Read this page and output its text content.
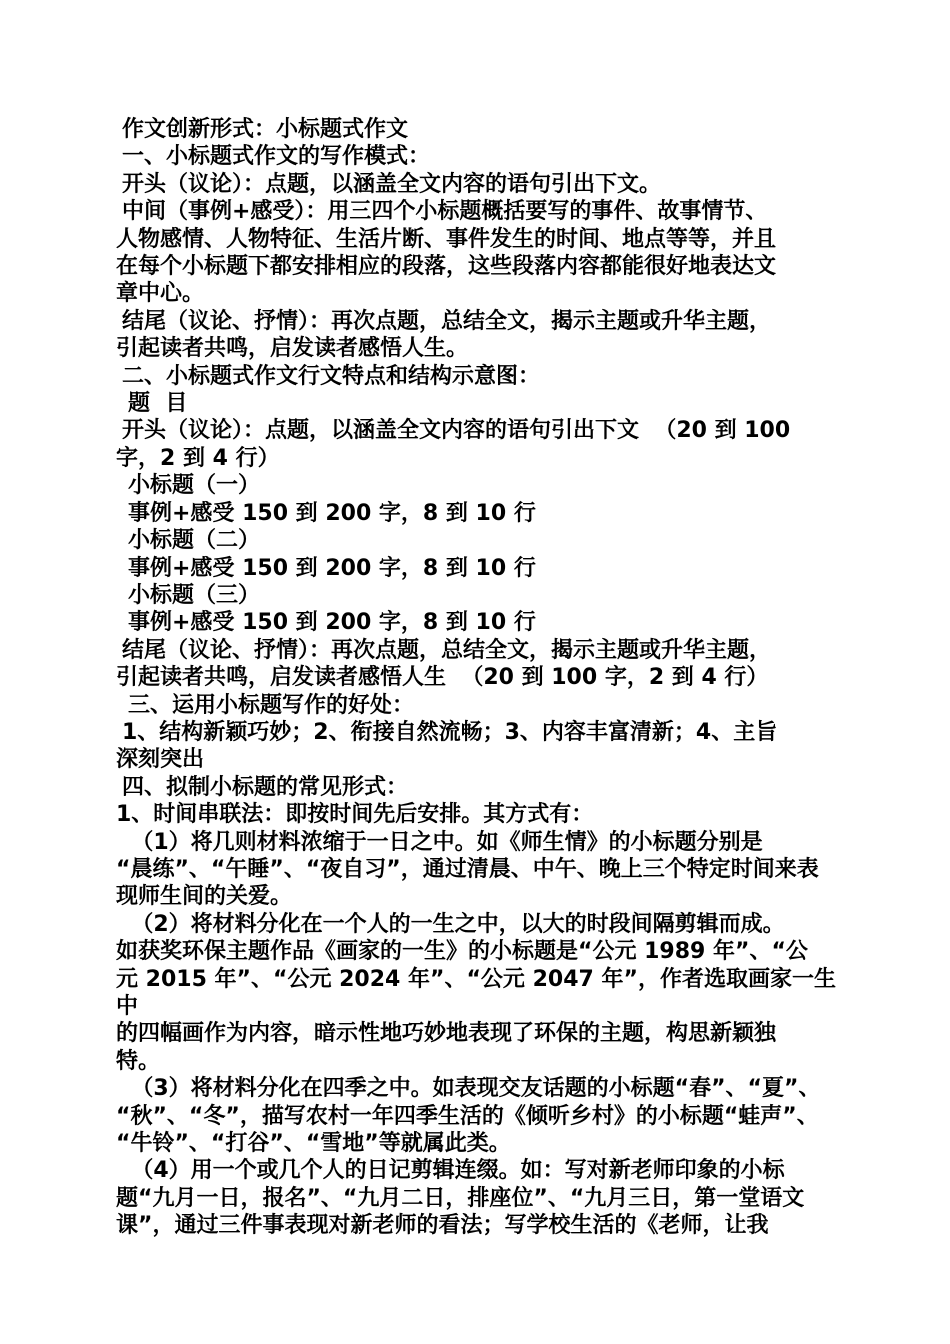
作文创新形式：小标题式作文
一、小标题式作文的写作模式：
开头（议论）：点题，以涵盖全文内容的语句引出下文。
中间（事例+感受）：用三四个小标题概括要写的事件、故事情节、
人物感情、人物特征、生活片断、事件发生的时间、地点等等，并且
在每个小标题下都安排相应的段落，这些段落内容都能很好地表达文
章中心。
结尾（议论、抒情）：再次点题，总结全文，揭示主题或升华主题，
引起读者共鸣，启发读者感悟人生。
二、小标题式作文行文特点和结构示意图：
题  目
开头（议论）：点题，以涵盖全文内容的语句引出下文  （20 到 100
字，2 到 4 行）
小标题（一）
事例+感受 150 到 200 字，8 到 10 行
小标题（二）
事例+感受 150 到 200 字，8 到 10 行
小标题（三）
事例+感受 150 到 200 字，8 到 10 行
结尾（议论、抒情）：再次点题，总结全文，揭示主题或升华主题，
引起读者共鸣，启发读者感悟人生  （20 到 100 字，2 到 4 行）
三、运用小标题写作的好处：
1、结构新颖巧妙；2、衔接自然流畅；3、内容丰富清新；4、主旨
深刻突出
四、拟制小标题的常见形式：
1、时间串联法：即按时间先后安排。其方式有：
（1）将几则材料浓缩于一日之中。如《师生情》的小标题分别是
“晨练”、“午睡”、“夜自习”，通过清晨、中午、晚上三个特定时间来表
现师生间的关爱。
（2）将材料分化在一个人的一生之中，以大的时段间隔剪辑而成。
如获奖环保主题作品《画家的一生》的小标题是“公元 1989 年”、“公
元 2015 年”、“公元 2024 年”、“公元 2047 年”，作者选取画家一生中
的四幅画作为内容，暗示性地巧妙地表现了环保的主题，构思新颖独
特。
（3）将材料分化在四季之中。如表现交友话题的小标题“春”、“夏”、
“秋”、“冬”，描写农村一年四季生活的《倾听乡村》的小标题“蛙声”、
“牛铃”、“打谷”、“雪地”等就属此类。
（4）用一个或几个人的日记剪辑连缀。如：写对新老师印象的小标
题“九月一日，报名”、“九月二日，排座位”、“九月三日，第一堂语文
课”，通过三件事表现对新老师的看法；写学校生活的《老师，让我
